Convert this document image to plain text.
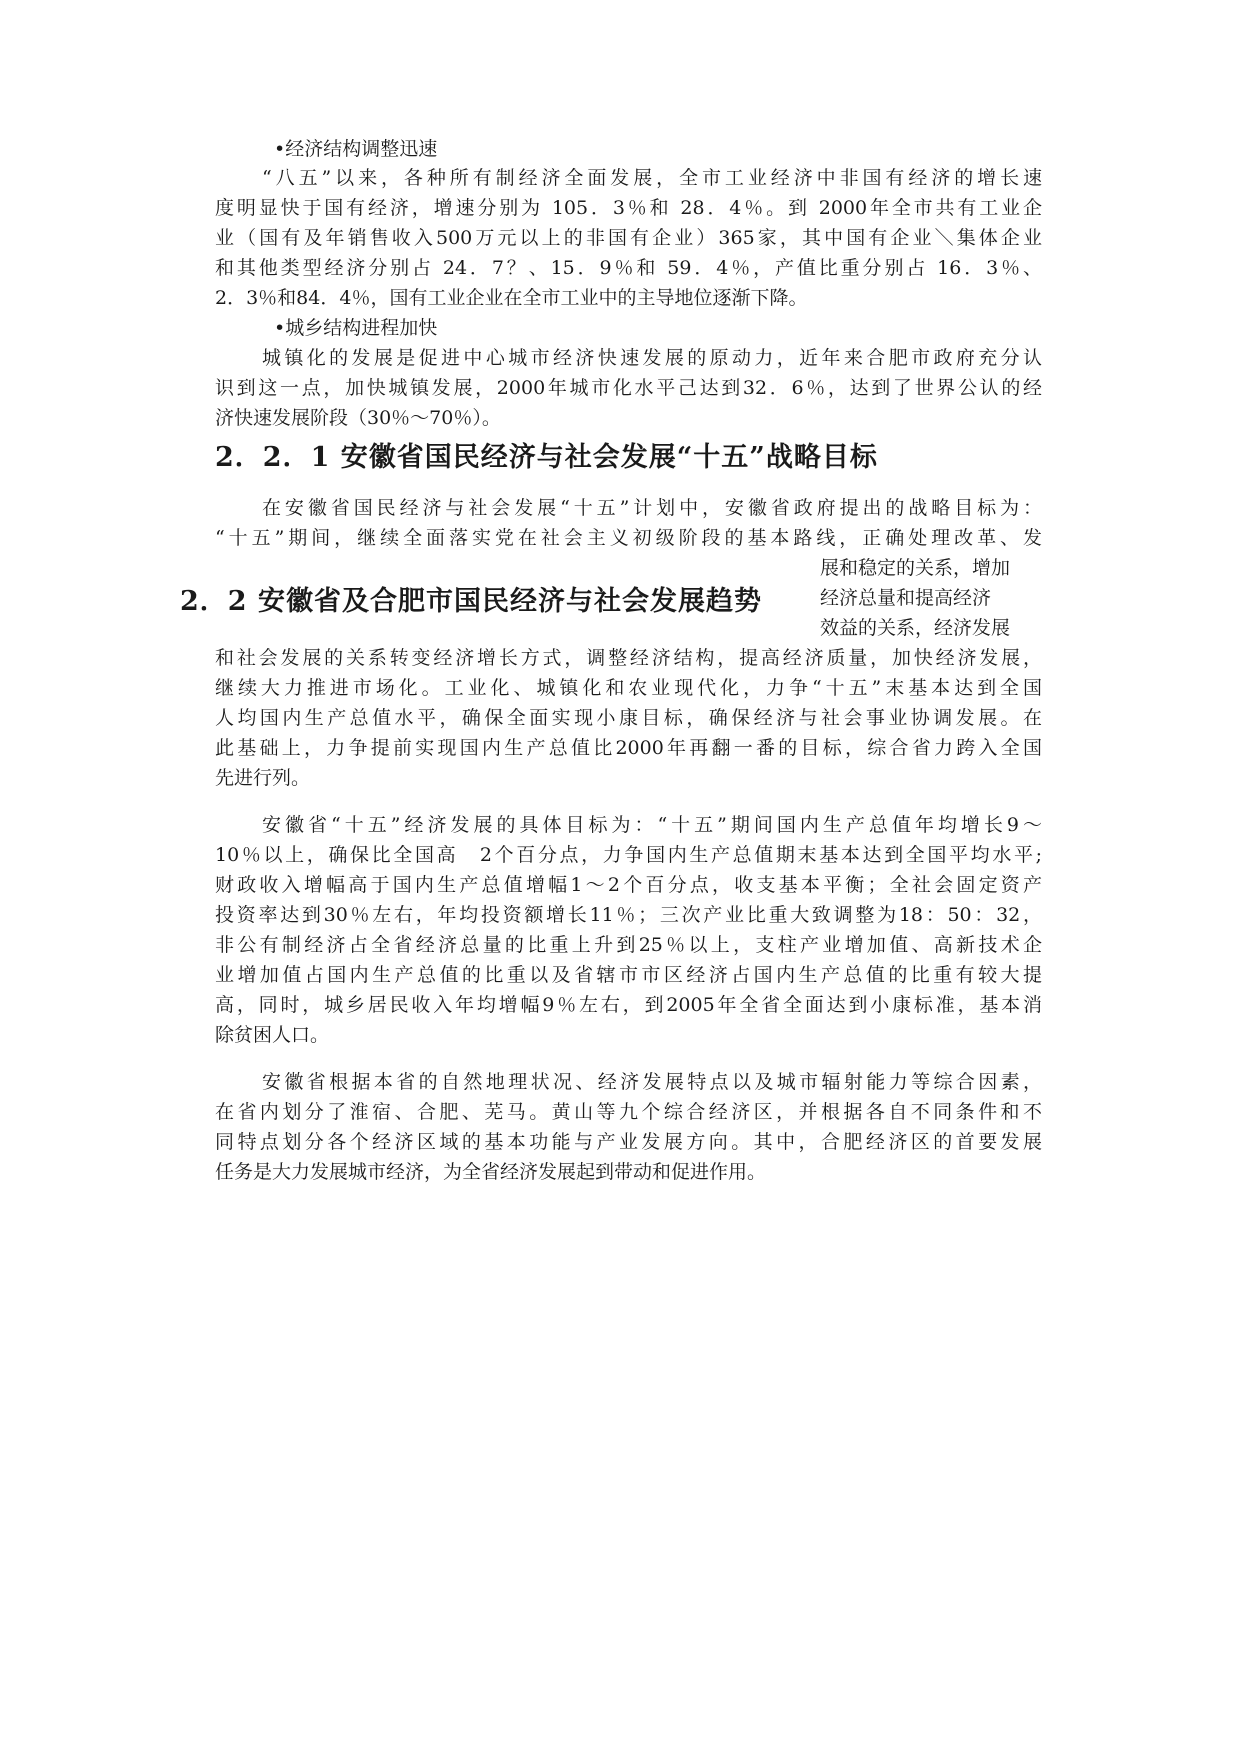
•经济结构调整迅速

“八五”以来，各种所有制经济全面发展，全市工业经济中非国有经济的增长速

度明显快于国有经济，增速分别为 105．3％和 28．4％。到 2000年全市共有工业企

业（国有及年销售收入500万元以上的非国有企业）365家，其中国有企业＼集体企业

和其他类型经济分别占 24．7？、15．9％和 59．4％，产值比重分别占 16．3％、

2．3％和84．4％，国有工业企业在全市工业中的主导地位逐渐下降。

•城乡结构进程加快

城镇化的发展是促进中心城市经济快速发展的原动力，近年来合肥市政府充分认

识到这一点，加快城镇发展，2000年城市化水平己达到32．6％，达到了世界公认的经

济快速发展阶段（30％～70％）。

2．2．1 安徽省国民经济与社会发展“十五”战略目标

在安徽省国民经济与社会发展“十五”计划中，安徽省政府提出的战略目标为：

“十五”期间，继续全面落实党在社会主义初级阶段的基本路线，正确处理改革、发

展和稳定的关系，增加

2．2 安徽省及合肥市国民经济与社会发展趋势	经济总量和提高经济

效益的关系，经济发展

和社会发展的关系转变经济增长方式，调整经济结构，提高经济质量，加快经济发展，

继续大力推进市场化。工业化、城镇化和农业现代化，力争“十五”末基本达到全国

人均国内生产总值水平，确保全面实现小康目标，确保经济与社会事业协调发展。在

此基础上，力争提前实现国内生产总值比2000年再翻一番的目标，综合省力跨入全国

先进行列。

安徽省“十五”经济发展的具体目标为：“十五”期间国内生产总值年均增长9～

10％以上，确保比全国高　2个百分点，力争国内生产总值期末基本达到全国平均水平;

财政收入增幅高于国内生产总值增幅1～2个百分点，收支基本平衡；全社会固定资产

投资率达到30％左右，年均投资额增长11％；三次产业比重大致调整为18：50：32，

非公有制经济占全省经济总量的比重上升到25％以上，支柱产业增加值、高新技术企

业增加值占国内生产总值的比重以及省辖市市区经济占国内生产总值的比重有较大提

高，同时，城乡居民收入年均增幅9％左右，到2005年全省全面达到小康标准，基本消

除贫困人口。

安徽省根据本省的自然地理状况、经济发展特点以及城市辐射能力等综合因素，

在省内划分了淮宿、合肥、芜马。黄山等九个综合经济区，并根据各自不同条件和不

同特点划分各个经济区域的基本功能与产业发展方向。其中，合肥经济区的首要发展

任务是大力发展城市经济，为全省经济发展起到带动和促进作用。
